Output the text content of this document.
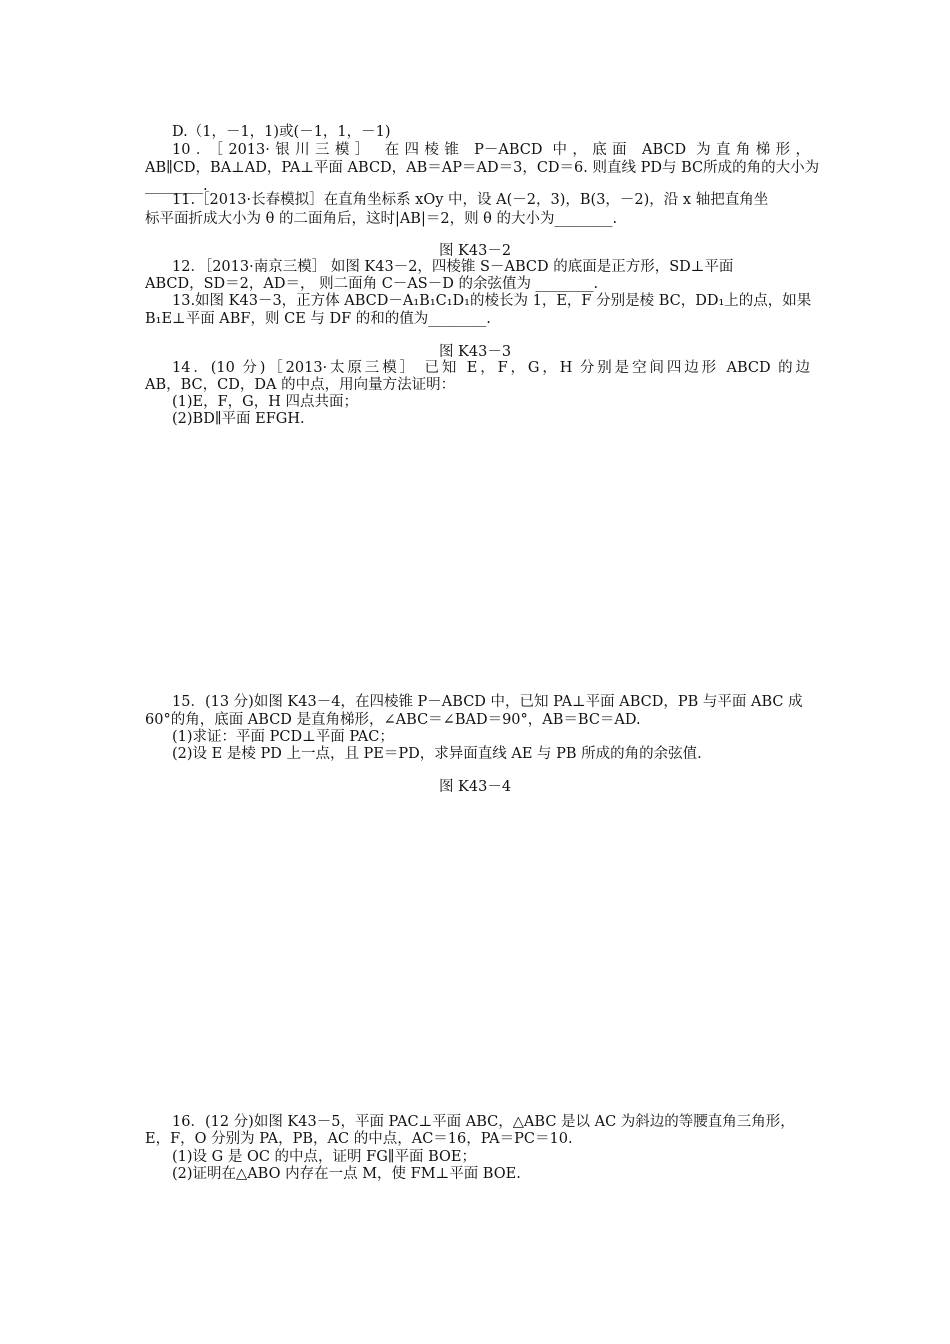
D.（1，－1，1)或(－1，1，－1)
10．［2013·银川三模］ 在四棱锥 P－ABCD 中，底面 ABCD 为直角梯形，
AB∥CD，BA⊥AD，PA⊥平面 ABCD，AB＝AP＝AD＝3，CD＝6. 则直线 PD与 BC所成的角的大小为
________.
11.［2013·长春模拟］在直角坐标系 xOy 中，设 A(－2，3)，B(3，－2)，沿 x 轴把直角坐
标平面折成大小为 θ 的二面角后，这时|AB|＝2，则 θ 的大小为________.
图 K43－2
12．［2013·南京三模］ 如图 K43－2，四棱锥 S－ABCD 的底面是正方形，SD⊥平面
ABCD，SD＝2，AD＝， 则二面角 C－AS－D 的余弦值为 ________.
13.如图 K43－3，正方体 ABCD－A₁B₁C₁D₁的棱长为 1，E，F 分别是棱 BC，DD₁上的点，如果
B₁E⊥平面 ABF，则 CE 与 DF 的和的值为________.
图 K43－3
14．(10 分)［2013·太原三模］ 已知 E，F，G，H 分别是空间四边形 ABCD 的边
AB，BC，CD，DA 的中点，用向量方法证明：
(1)E，F，G，H 四点共面；
(2)BD∥平面 EFGH.
15．(13 分)如图 K43－4，在四棱锥 P－ABCD 中，已知 PA⊥平面 ABCD，PB 与平面 ABC 成
60°的角，底面 ABCD 是直角梯形，∠ABC＝∠BAD＝90°，AB＝BC＝AD.
(1)求证：平面 PCD⊥平面 PAC；
(2)设 E 是棱 PD 上一点，且 PE＝PD，求异面直线 AE 与 PB 所成的角的余弦值.
图 K43－4
16．(12 分)如图 K43－5，平面 PAC⊥平面 ABC，△ABC 是以 AC 为斜边的等腰直角三角形，
E，F，O 分别为 PA，PB，AC 的中点，AC＝16，PA＝PC＝10.
(1)设 G 是 OC 的中点，证明 FG∥平面 BOE；
(2)证明在△ABO 内存在一点 M，使 FM⊥平面 BOE.
